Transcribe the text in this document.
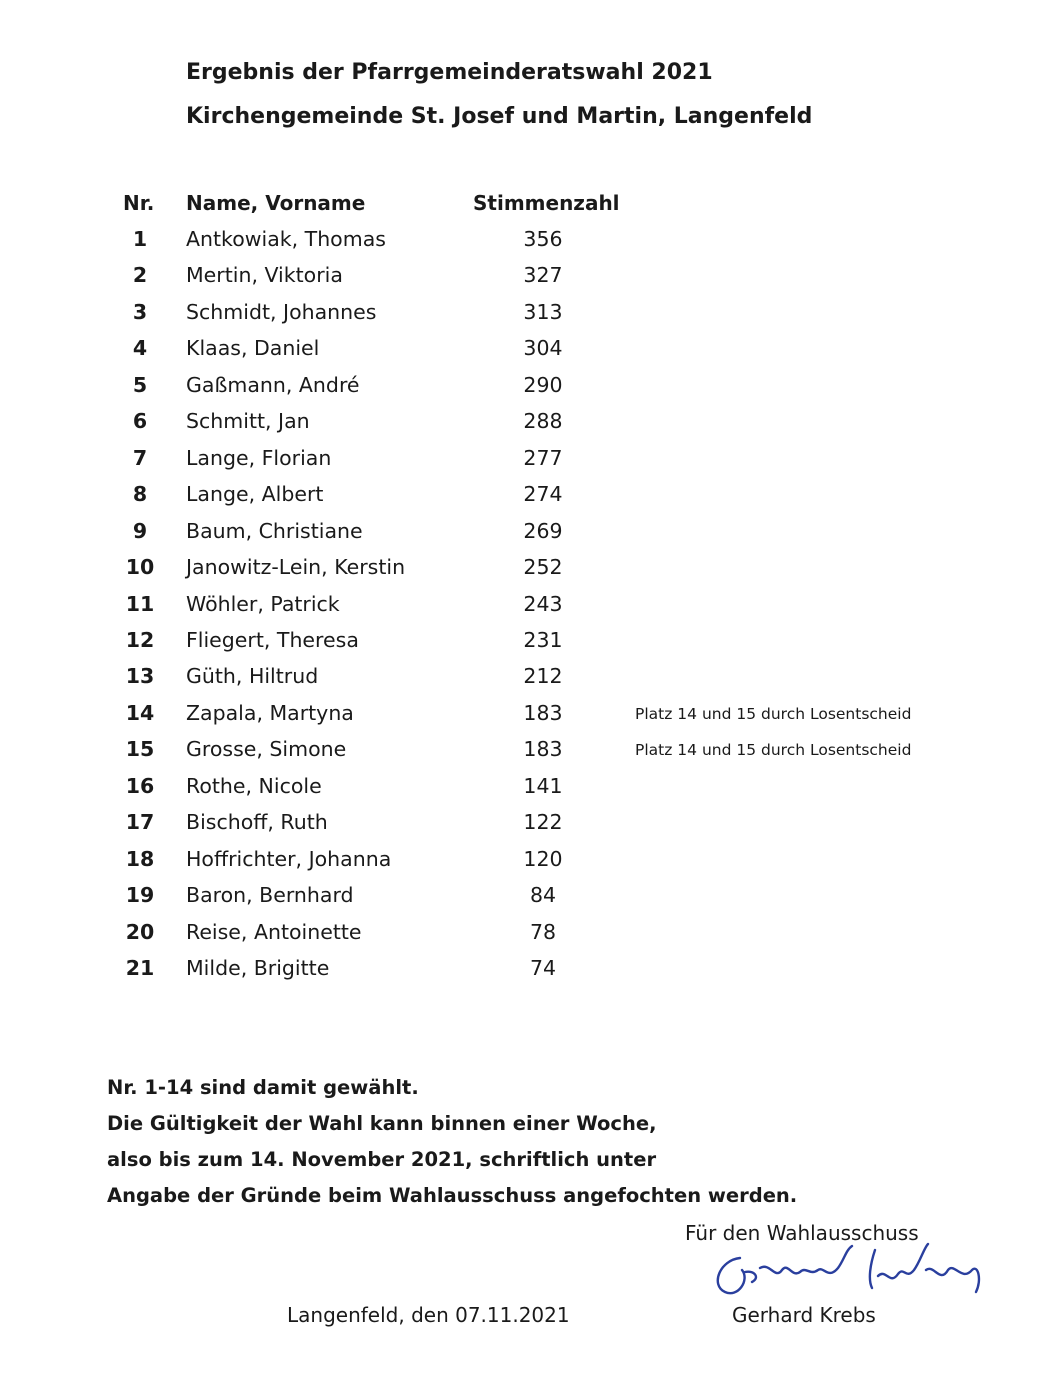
Ergebnis der Pfarrgemeinderatswahl 2021
Kirchengemeinde St. Josef und Martin, Langenfeld
Nr. Name, Vorname	Stimmenzahl
1	Antkowiak, Thomas	356
2	Mertin, Viktoria	327
3	Schmidt, Johannes	313
4	Klaas, Daniel	304
5	Gaßmann, André	290
6	Schmitt, Jan	288
7	Lange, Florian	277
8	Lange, Albert	274
9	Baum, Christiane	269
10	Janowitz-Lein, Kerstin	252
11	Wöhler, Patrick	243
12	Fliegert, Theresa	231
13	Güth, Hiltrud	212
14	Zapala, Martyna	183	Platz 14 und 15 durch Losentscheid
15	Grosse, Simone	183	Platz 14 und 15 durch Losentscheid
16	Rothe, Nicole	141
17	Bischoff, Ruth	122
18	Hoffrichter, Johanna	120
19	Baron, Bernhard	84
20	Reise, Antoinette	78
21	Milde, Brigitte	74
Nr. 1-14 sind damit gewählt.
Die Gültigkeit der Wahl kann binnen einer Woche,
also bis zum 14. November 2021, schriftlich unter
Angabe der Gründe beim Wahlausschuss angefochten werden.
Für den Wahlausschuss
Langenfeld, den 07.11.2021	Gerhard Krebs
